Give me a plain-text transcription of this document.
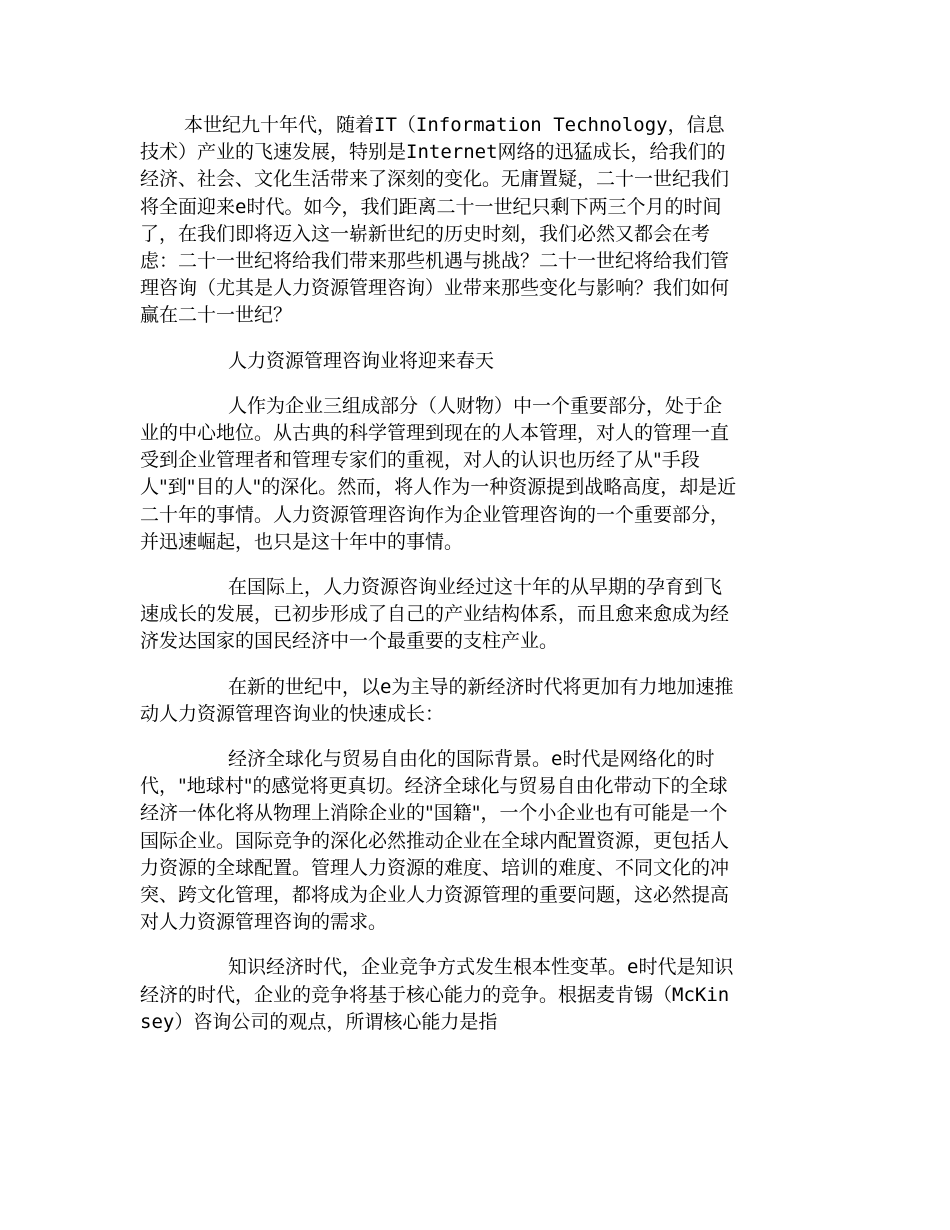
本世纪九十年代，随着IT（Information Technology，信息技术）产业的飞速发展，特别是Internet网络的迅猛成长，给我们的经济、社会、文化生活带来了深刻的变化。无庸置疑，二十一世纪我们将全面迎来e时代。如今，我们距离二十一世纪只剩下两三个月的时间了，在我们即将迈入这一崭新世纪的历史时刻，我们必然又都会在考虑：二十一世纪将给我们带来那些机遇与挑战？二十一世纪将给我们管理咨询（尤其是人力资源管理咨询）业带来那些变化与影响？我们如何赢在二十一世纪？

人力资源管理咨询业将迎来春天

人作为企业三组成部分（人财物）中一个重要部分，处于企业的中心地位。从古典的科学管理到现在的人本管理，对人的管理一直受到企业管理者和管理专家们的重视，对人的认识也历经了从"手段人"到"目的人"的深化。然而，将人作为一种资源提到战略高度，却是近二十年的事情。人力资源管理咨询作为企业管理咨询的一个重要部分，并迅速崛起，也只是这十年中的事情。

在国际上，人力资源咨询业经过这十年的从早期的孕育到飞速成长的发展，已初步形成了自己的产业结构体系，而且愈来愈成为经济发达国家的国民经济中一个最重要的支柱产业。

在新的世纪中，以e为主导的新经济时代将更加有力地加速推动人力资源管理咨询业的快速成长：

经济全球化与贸易自由化的国际背景。e时代是网络化的时代，"地球村"的感觉将更真切。经济全球化与贸易自由化带动下的全球经济一体化将从物理上消除企业的"国籍"，一个小企业也有可能是一个国际企业。国际竞争的深化必然推动企业在全球内配置资源，更包括人力资源的全球配置。管理人力资源的难度、培训的难度、不同文化的冲突、跨文化管理，都将成为企业人力资源管理的重要问题，这必然提高对人力资源管理咨询的需求。

知识经济时代，企业竞争方式发生根本性变革。e时代是知识经济的时代，企业的竞争将基于核心能力的竞争。根据麦肯锡（McKinsey）咨询公司的观点，所谓核心能力是指
